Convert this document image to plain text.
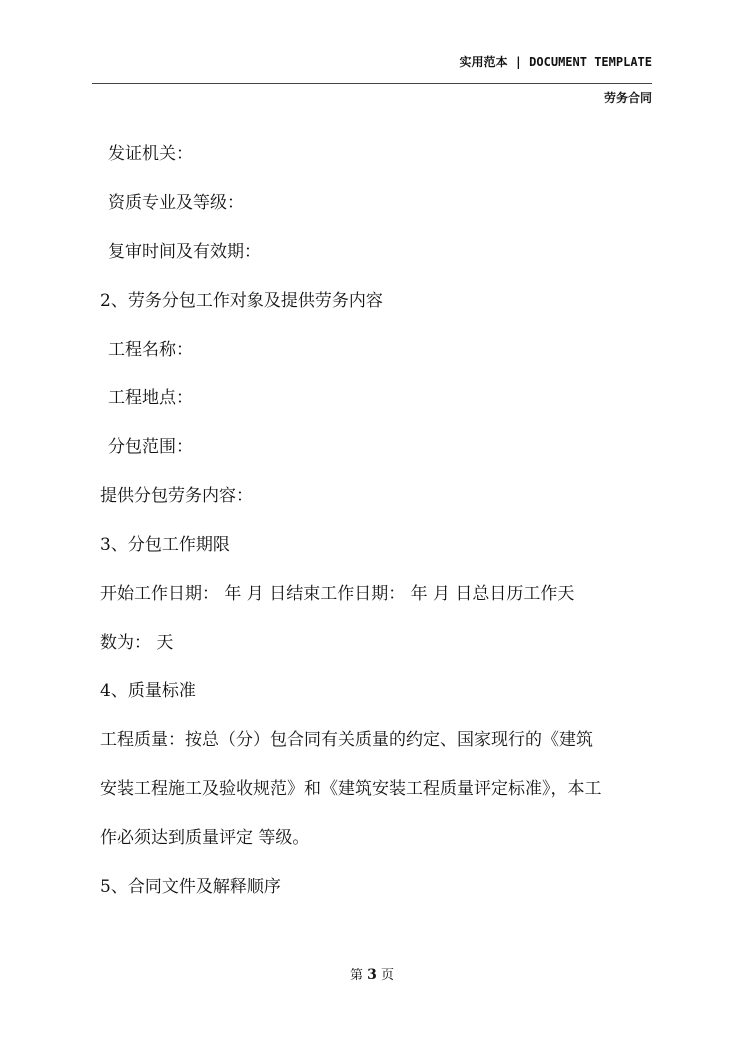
实用范本 | DOCUMENT TEMPLATE
劳务合同
发证机关：
资质专业及等级：
复审时间及有效期：
2、劳务分包工作对象及提供劳务内容
工程名称：
工程地点：
分包范围：
提供分包劳务内容：
3、分包工作期限
开始工作日期： 年 月 日结束工作日期： 年 月 日总日历工作天
数为： 天
4、质量标准
工程质量：按总（分）包合同有关质量的约定、国家现行的《建筑
安装工程施工及验收规范》和《建筑安装工程质量评定标准》，本工
作必须达到质量评定 等级。
5、合同文件及解释顺序
第 3 页
